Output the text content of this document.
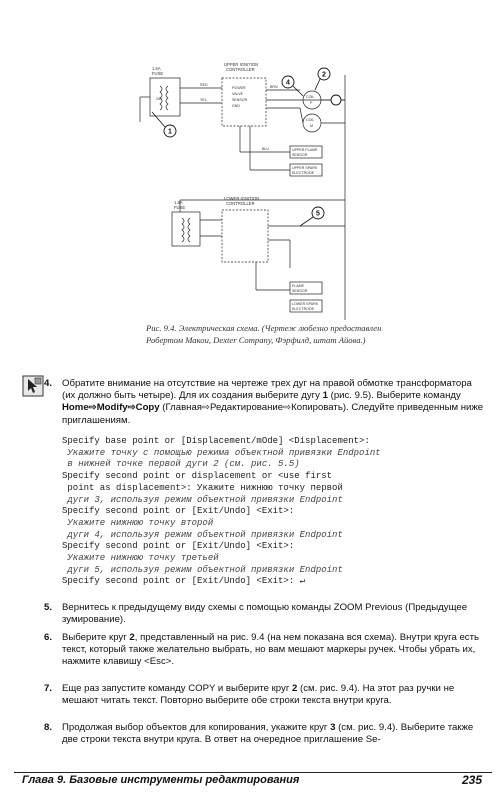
4
2
1
5
1.5A
FUSE
UPPER IGNITION
CONTROLLER
POWER
VALVE
SENSOR
GND
24V
BRN
YEL
RED
BLU
COIL
P
COIL
M
UPPER FLAME
SENSOR
UPPER SPARK
ELECTRODE
1.5A
FUSE
LOWER IGNITION
CONTROLLER
FLAME
SENSOR
LOWER SPARK
ELECTRODE
Рис. 9.4. Электрическая схема. (Чертеж любезно предоставлен Робертом Макои, Dexter Company, Фэрфилд, штат Айова.)
4. Обратите внимание на отсутствие на чертеже трех дуг на правой обмотке трансформатора (их должно быть четыре). Для их создания выберите дугу 1 (рис. 9.5). Выберите команду Home⇨Modify⇨Copy (Главная⇨Редактирование⇨Копировать). Следуйте приведенным ниже приглашениям.
Specify base point or [Displacement/mOde] <Displacement>:
Укажите точку с помощью режима объектной привязки Endpoint
в нижней точке первой дуги 2 (см. рис. 5.5)
Specify second point or displacement or <use first
point as displacement>: Укажите нижнюю точку первой
дуги 3, используя режим объектной привязки Endpoint
Specify second point or [Exit/Undo] <Exit>:
Укажите нижнюю точку второй
дуги 4, используя режим объектной привязки Endpoint
Specify second point or [Exit/Undo] <Exit>:
Укажите нижнюю точку третьей
дуги 5, используя режим объектной привязки Endpoint
Specify second point or [Exit/Undo] <Exit>: ↵
5. Вернитесь к предыдущему виду схемы с помощью команды ZOOM Previous (Предыдущее зумирование).
6. Выберите круг 2, представленный на рис. 9.4 (на нем показана вся схема). Внутри круга есть текст, который также желательно выбрать, но вам мешают маркеры ручек. Чтобы убрать их, нажмите клавишу <Esc>.
7. Еще раз запустите команду COPY и выберите круг 2 (см. рис. 9.4). На этот раз ручки не мешают читать текст. Повторно выберите обе строки текста внутри круга.
8. Продолжая выбор объектов для копирования, укажите круг 3 (см. рис. 9.4). Выберите также две строки текста внутри круга. В ответ на очередное приглашение Se-
Глава 9. Базовые инструменты редактирования	235
